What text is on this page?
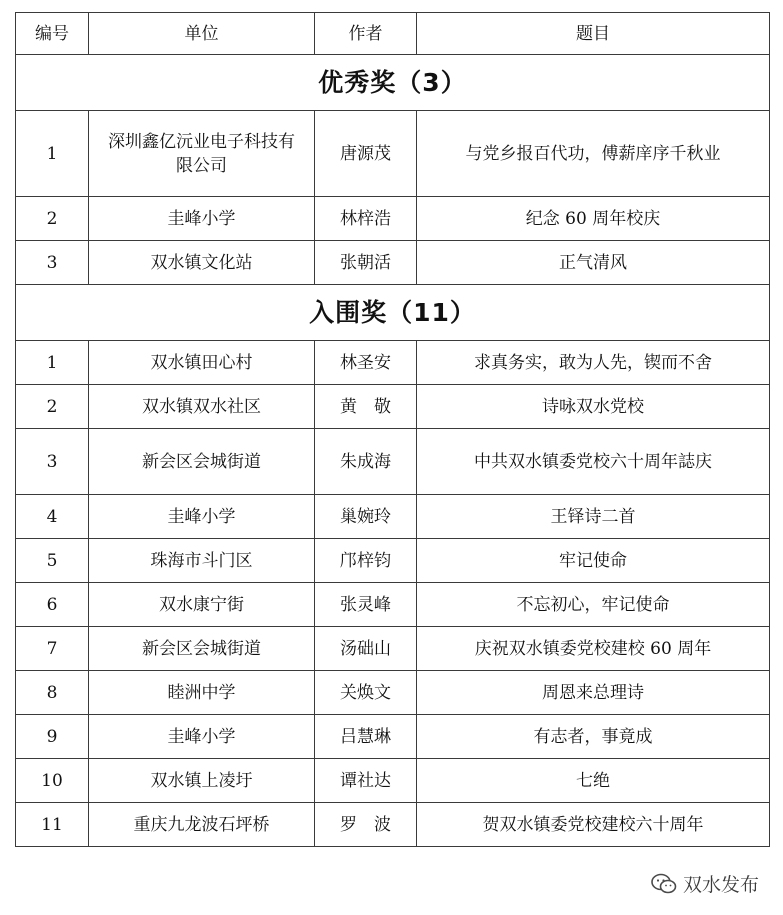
编号	单位	作者	题目
优秀奖（3）			
1	深圳鑫亿沅业电子科技有限公司	唐源茂	与党乡报百代功，傅薪庠序千秋业
2	圭峰小学	林梓浩	纪念 60 周年校庆
3	双水镇文化站	张朝活	正气清风
入围奖（11）			
1	双水镇田心村	林圣安	求真务实，敢为人先，锲而不舍
2	双水镇双水社区	黄　敬	诗咏双水党校
3	新会区会城街道	朱成海	中共双水镇委党校六十周年誌庆
4	圭峰小学	巢婉玲	王铎诗二首
5	珠海市斗门区	邝梓钧	牢记使命
6	双水康宁街	张灵峰	不忘初心，牢记使命
7	新会区会城街道	汤础山	庆祝双水镇委党校建校 60 周年
8	睦洲中学	关焕文	周恩来总理诗
9	圭峰小学	吕慧琳	有志者，事竟成
10	双水镇上凌圩	谭社达	七绝
11	重庆九龙波石坪桥	罗　波	贺双水镇委党校建校六十周年
双水发布
